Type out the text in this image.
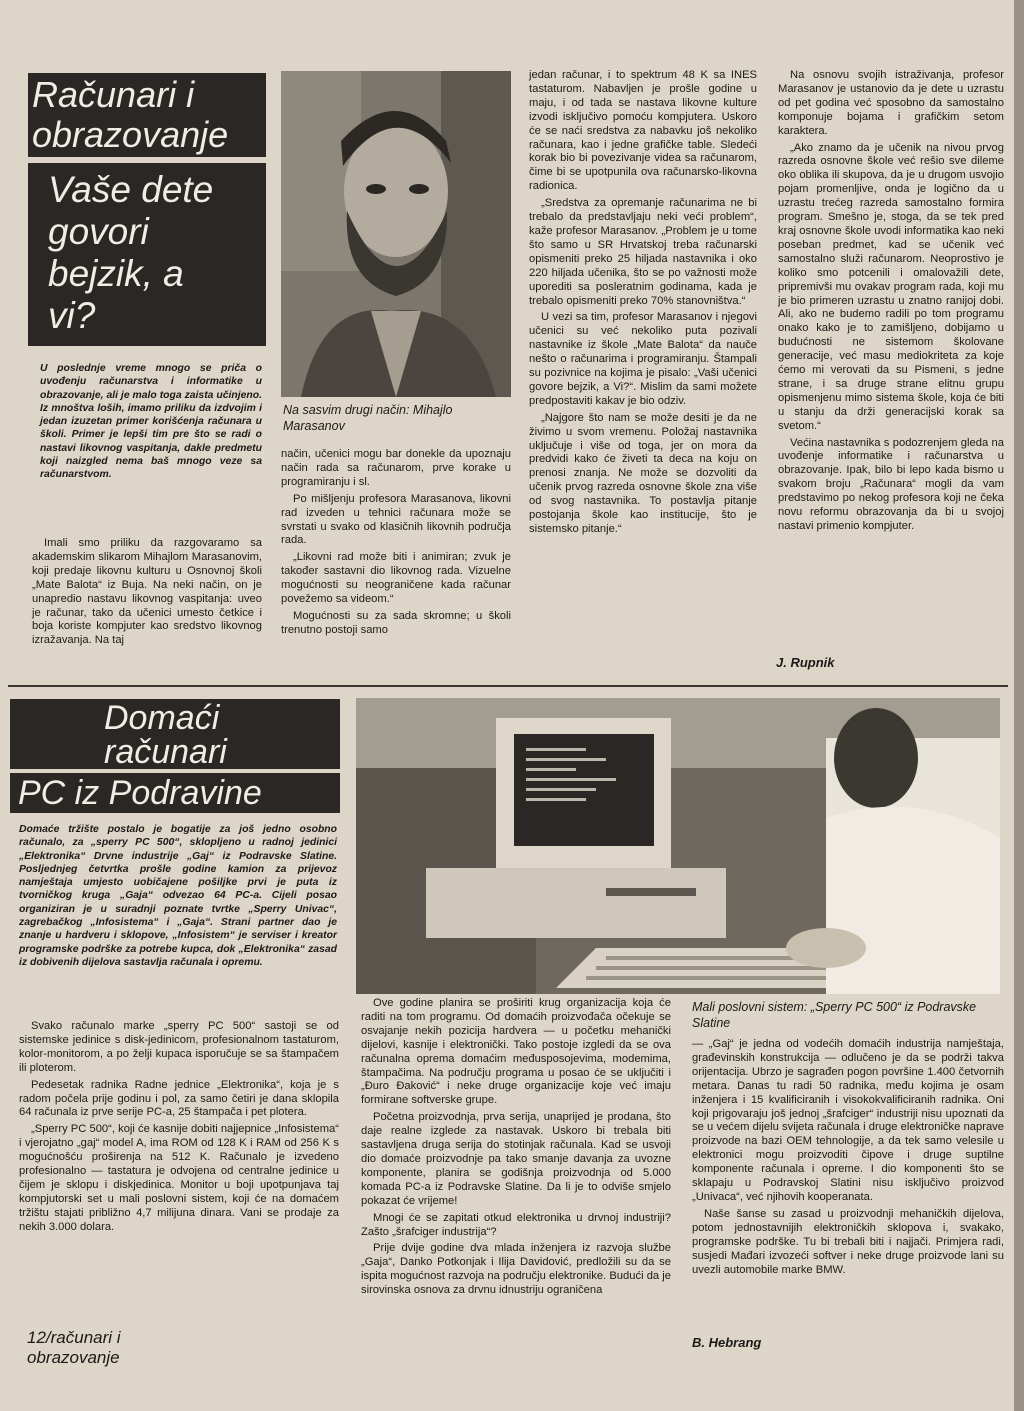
Računari i
obrazovanje
Vaše dete
govori
bejzik, a
vi?
U poslednje vreme mnogo se priča o uvođenju računarstva i informatike u obrazovanje, ali je malo toga zaista učinjeno. Iz mnoštva loših, imamo priliku da izdvojim i jedan izuzetan primer korišćenja računara u školi. Primer je lepši tim pre što se radi o nastavi likovnog vaspitanja, dakle predmetu koji naizgled nema baš mnogo veze sa računarstvom.

Imali smo priliku da razgovaramo sa akademskim slikarom Mihajlom Marasanovim, koji predaje likovnu kulturu u Osnovnoj školi „Mate Balota“ iz Buja. Na neki način, on je unapredio nastavu likovnog vaspitanja: uveo je računar, tako da učenici umesto četkice i boja koriste kompjuter kao sredstvo likovnog izražavanja. Na taj

Na sasvim drugi način: Mihajlo Marasanov

način, učenici mogu bar donekle da upoznaju način rada sa računarom, prve korake u programiranju i sl.

Po mišljenju profesora Marasanova, likovni rad izveden u tehnici računara može se svrstati u svako od klasičnih likovnih područja rada.

„Likovni rad može biti i animiran; zvuk je također sastavni dio likovnog rada. Vizuelne mogućnosti su neograničene kada računar povežemo sa videom.“

Mogućnosti su za sada skromne; u školi trenutno postoji samo

jedan računar, i to spektrum 48 K sa INES tastaturom. Nabavljen je prošle godine u maju, i od tada se nastava likovne kulture izvodi isključivo pomoću kompjutera. Uskoro će se naći sredstva za nabavku još nekoliko računara, kao i jedne grafičke table. Sledeći korak bio bi povezivanje videa sa računarom, čime bi se upotpunila ova računarsko-likovna radionica.

„Sredstva za opremanje računarima ne bi trebalo da predstavljaju neki veći problem“, kaže profesor Marasanov. „Problem je u tome što samo u SR Hrvatskoj treba računarski opismeniti preko 25 hiljada nastavnika i oko 220 hiljada učenika, što se po važnosti može uporediti sa posleratnim godinama, kada je trebalo opismeniti preko 70% stanovništva.“

U vezi sa tim, profesor Marasanov i njegovi učenici su već nekoliko puta pozivali nastavnike iz škole „Mate Balota“ da nauče nešto o računarima i programiranju. Štampali su pozivnice na kojima je pisalo: „Vaši učenici govore bejzik, a Vi?“. Mislim da sami možete predpostaviti kakav je bio odziv.

„Najgore što nam se može desiti je da ne živimo u svom vremenu. Položaj nastavnika uključuje i više od toga, jer on mora da predvidi kako će živeti ta deca na koju on prenosi znanja. Ne može se dozvoliti da učenik prvog razreda osnovne škole zna više od svog nastavnika. To postavlja pitanje postojanja škole kao institucije, što je sistemsko pitanje.“

Na osnovu svojih istraživanja, profesor Marasanov je ustanovio da je dete u uzrastu od pet godina već sposobno da samostalno komponuje bojama i grafičkim setom karaktera.

„Ako znamo da je učenik na nivou prvog razreda osnovne škole već rešio sve dileme oko oblika ili skupova, da je u drugom usvojio pojam promenljive, onda je logično da u uzrastu trećeg razreda samostalno formira program. Smešno je, stoga, da se tek pred kraj osnovne škole uvodi informatika kao neki poseban predmet, kad se učenik već samostalno služi računarom. Neoprostivo je koliko smo potcenili i omalovažili dete, pripremivši mu ovakav program rada, koji mu je bio primeren uzrastu u znatno ranijoj dobi. Ali, ako ne budemo radili po tom programu onako kako je to zamišljeno, dobijamo u budućnosti ne sistemom školovane generacije, već masu mediokriteta za koje ćemo mi verovati da su Pismeni, s jedne strane, i sa druge strane elitnu grupu opismenjenu mimo sistema škole, koja će biti u stanju da drži generacijski korak sa svetom.“

Većina nastavnika s podozrenjem gleda na uvođenje informatike i računarstva u obrazovanje. Ipak, bilo bi lepo kada bismo u svakom broju „Računara“ mogli da vam predstavimo po nekog profesora koji ne čeka novu reformu obrazovanja da bi u svojoj nastavi primenio kompjuter.

J. Rupnik
Domaći
računari
PC iz Podravine
Domaće tržište postalo je bogatije za još jedno osobno računalo, za „sperry PC 500“, sklopljeno u radnoj jedinici „Elektronika“ Drvne industrije „Gaj“ iz Podravske Slatine. Posljednjeg četvrtka prošle godine kamion za prijevoz namještaja umjesto uobičajene pošiljke prvi je puta iz tvorničkog kruga „Gaja“ odvezao 64 PC-a. Cijeli posao organiziran je u suradnji poznate tvrtke „Sperry Univac“, zagrebačkog „Infosistema“ i „Gaja“. Strani partner dao je znanje u hardveru i sklopove, „Infosistem“ je serviser i kreator programske podrške za potrebe kupca, dok „Elektronika“ zasad iz dobivenih dijelova sastavlja računala i opremu.

Svako računalo marke „sperry PC 500“ sastoji se od sistemske jedinice s disk-jedinicom, profesionalnom tastaturom, kolor-monitorom, a po želji kupaca isporučuje se sa štampačem ili ploterom.

Pedesetak radnika Radne jednice „Elektronika“, koja je s radom počela prije godinu i pol, za samo četiri je dana sklopila 64 računala iz prve serije PC-a, 25 štampača i pet plotera.

„Sperry PC 500“, koji će kasnije dobiti najjepnice „Infosistema“ i vjerojatno „gaj“ model A, ima ROM od 128 K i RAM od 256 K s mogućnošću proširenja na 512 K. Računalo je izvedeno profesionalno — tastatura je odvojena od centralne jedinice u čijem je sklopu i diskjedinica. Monitor u boji upotpunjava taj kompjutorski set u mali poslovni sistem, koji će na domaćem tržištu stajati približno 4,7 milijuna dinara. Vani se prodaje za nekih 3.000 dolara.

Mali poslovni sistem: „Sperry PC 500“ iz Podravske Slatine

Ove godine planira se proširiti krug organizacija koja će raditi na tom programu. Od domaćih proizvođača očekuje se osvajanje nekih pozicija hardvera — u početku mehanički dijelovi, kasnije i elektronički. Tako postoje izgledi da se ova računalna oprema domaćim međusposojevima, modemima, štampačima. Na području programa u posao će se uključiti i „Đuro Đaković“ i neke druge organizacije koje već imaju formirane softverske grupe.

Početna proizvodnja, prva serija, unaprijed je prodana, što daje realne izglede za nastavak. Uskoro bi trebala biti sastavljena druga serija do stotinjak računala. Kad se usvoji dio domaće proizvodnje pa tako smanje davanja za uvozne komponente, planira se godišnja proizvodnja od 5.000 komada PC-a iz Podravske Slatine. Da li je to odviše smjelo pokazat će vrijeme!

Mnogi će se zapitati otkud elektronika u drvnoj industriji? Zašto „šrafciger industrija“?

Prije dvije godine dva mlada inženjera iz razvoja službe „Gaja“, Danko Potkonjak i Ilija Davidović, predložili su da se ispita mogućnost razvoja na području elektronike. Budući da je sirovinska osnova za drvnu idnustriju ograničena

— „Gaj“ je jedna od vodećih domaćih industrija namještaja, građevinskih konstrukcija — odlučeno je da se podrži takva orijentacija. Ubrzo je sagrađen pogon površine 1.400 četvornih metara. Danas tu radi 50 radnika, među kojima je osam inženjera i 15 kvalificiranih i visokokvalificiranih radnika. Oni koji prigovaraju još jednoj „šrafciger“ industriji nisu upoznati da se u većem dijelu svijeta računala i druge elektroničke naprave proizvode na bazi OEM tehnologije, a da tek samo velesile u elektronici mogu proizvoditi čipove i druge suptilne komponente računala i opreme. I dio komponenti što se sklapaju u Podravskoj Slatini nisu isključivo proizvod „Univaca“, već njihovih kooperanata.

Naše šanse su zasad u proizvodnji mehaničkih dijelova, potom jednostavnijih elektroničkih sklopova i, svakako, programske podrške. Tu bi trebali biti i najjači. Primjera radi, susjedi Mađari izvozeći softver i neke druge proizvode lani su uvezli automobile marke BMW.

B. Hebrang
12/računari i
obrazovanje
